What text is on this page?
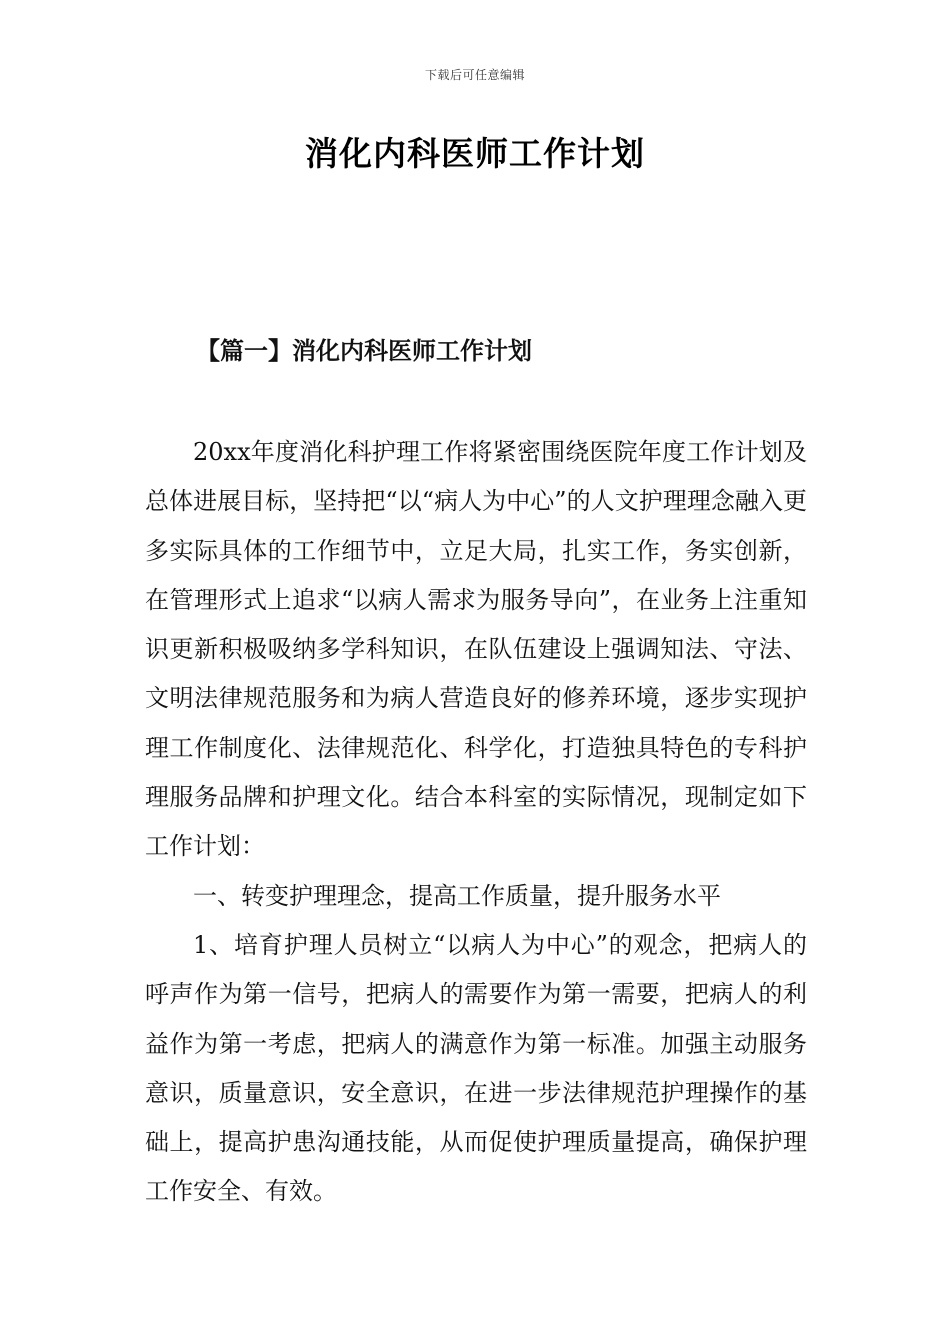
下载后可任意编辑
消化内科医师工作计划
【篇一】消化内科医师工作计划

20xx年度消化科护理工作将紧密围绕医院年度工作计划及总体进展目标，坚持把“以“病人为中心”的人文护理理念融入更多实际具体的工作细节中，立足大局，扎实工作，务实创新，在管理形式上追求“以病人需求为服务导向”，在业务上注重知识更新积极吸纳多学科知识，在队伍建设上强调知法、守法、文明法律规范服务和为病人营造良好的修养环境，逐步实现护理工作制度化、法律规范化、科学化，打造独具特色的专科护理服务品牌和护理文化。结合本科室的实际情况，现制定如下工作计划：

一、转变护理理念，提高工作质量，提升服务水平

1、培育护理人员树立“以病人为中心”的观念，把病人的呼声作为第一信号，把病人的需要作为第一需要，把病人的利益作为第一考虑，把病人的满意作为第一标准。加强主动服务意识，质量意识，安全意识，在进一步法律规范护理操作的基础上，提高护患沟通技能，从而促使护理质量提高，确保护理工作安全、有效。
